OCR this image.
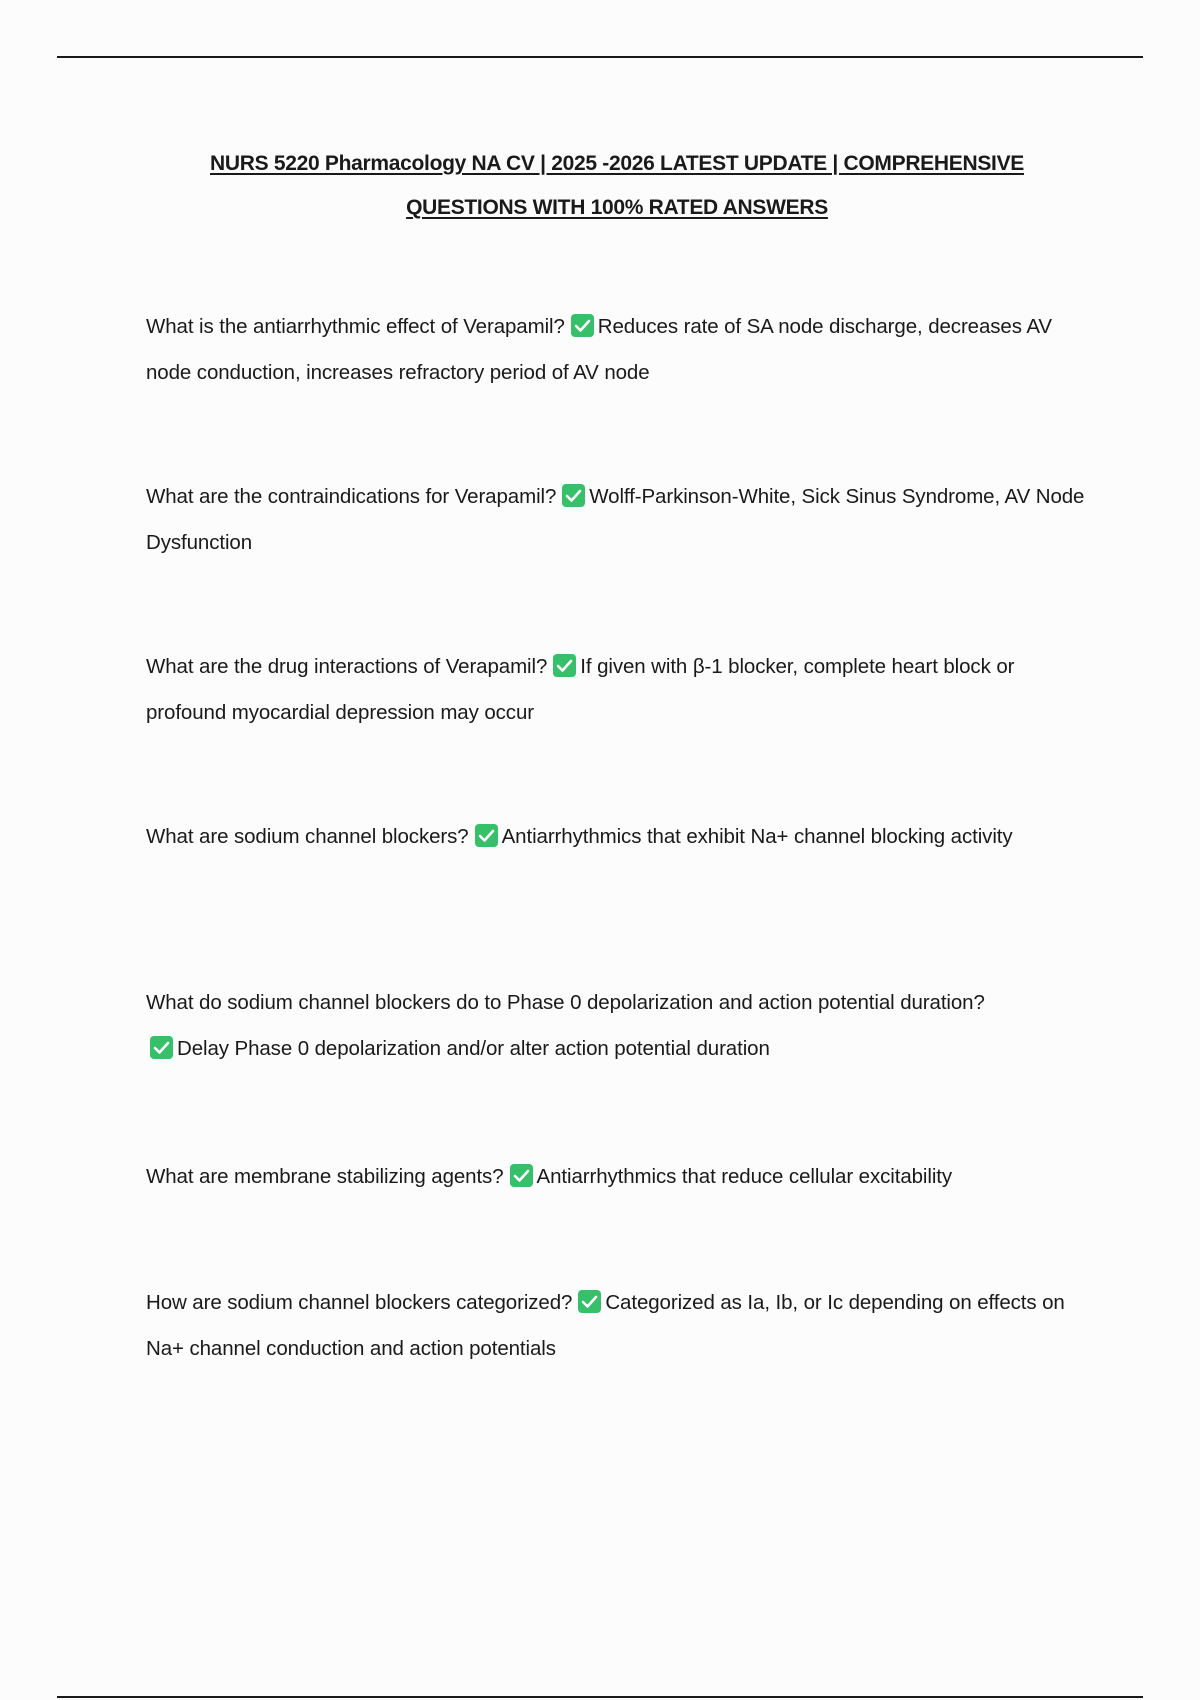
NURS 5220 Pharmacology NA CV | 2025 -2026 LATEST UPDATE | COMPREHENSIVE
QUESTIONS WITH 100% RATED ANSWERS
What is the antiarrhythmic effect of Verapamil? Reduces rate of SA node discharge, decreases AV node conduction, increases refractory period of AV node
What are the contraindications for Verapamil? Wolff-Parkinson-White, Sick Sinus Syndrome, AV Node Dysfunction
What are the drug interactions of Verapamil? If given with β-1 blocker, complete heart block or profound myocardial depression may occur
What are sodium channel blockers? Antiarrhythmics that exhibit Na+ channel blocking activity
What do sodium channel blockers do to Phase 0 depolarization and action potential duration?

Delay Phase 0 depolarization and/or alter action potential duration
What are membrane stabilizing agents? Antiarrhythmics that reduce cellular excitability
How are sodium channel blockers categorized? Categorized as Ia, Ib, or Ic depending on effects on Na+ channel conduction and action potentials
